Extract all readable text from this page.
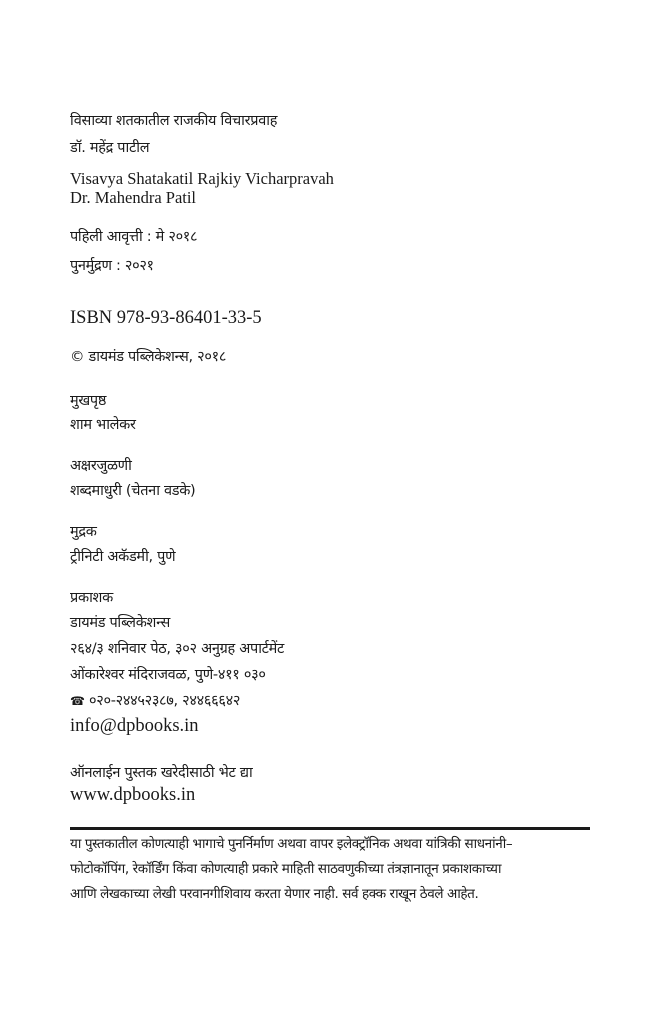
विसाव्या शतकातील राजकीय विचारप्रवाह
डॉ. महेंद्र पाटील
Visavya Shatakatil Rajkiy Vicharpravah
Dr. Mahendra Patil
पहिली आवृत्ती : मे २०१८
पुनर्मुद्रण : २०२१
ISBN 978-93-86401-33-5
© डायमंड पब्लिकेशन्स, २०१८
मुखपृष्ठ
शाम भालेकर
अक्षरजुळणी
शब्दमाधुरी (चेतना वडके)
मुद्रक
ट्रीनिटी अकॅडमी, पुणे
प्रकाशक
डायमंड पब्लिकेशन्स
२६४/३ शनिवार पेठ, ३०२ अनुग्रह अपार्टमेंट
ओंकारेश्वर मंदिराजवळ, पुणे-४११ ०३०
☎ ०२०-२४४५२३८७, २४४६६६४२
info@dpbooks.in
ऑनलाईन पुस्तक खरेदीसाठी भेट द्या
www.dpbooks.in
या पुस्तकातील कोणत्याही भागाचे पुनर्निर्माण अथवा वापर इलेक्ट्रॉनिक अथवा यांत्रिकी साधनांनी–
फोटोकॉपिंग, रेकॉर्डिंग किंवा कोणत्याही प्रकारे माहिती साठवणुकीच्या तंत्रज्ञानातून प्रकाशकाच्या
आणि लेखकाच्या लेखी परवानगीशिवाय करता येणार नाही. सर्व हक्क राखून ठेवले आहेत.
